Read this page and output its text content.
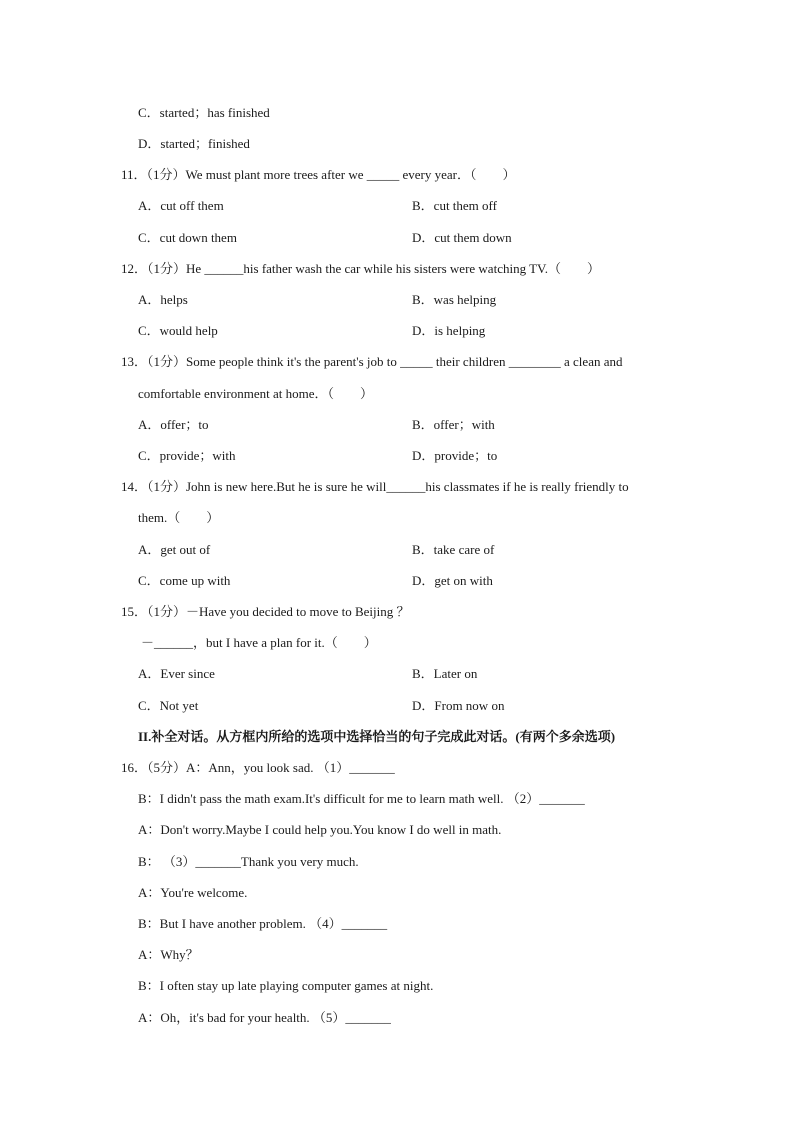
C．started；has finished
D．started；finished
11．（1分）We must plant more trees after we _____ every year．（　　）
A．cut off them	B．cut them off
C．cut down them	D．cut them down
12．（1分）He ______his father wash the car while his sisters were watching TV.（　　）
A．helps	B．was helping
C．would help	D．is helping
13．（1分）Some people think it's the parent's job to _____ their children ________ a clean and
comfortable environment at home．（　　）
A．offer；to	B．offer；with
C．provide；with	D．provide；to
14．（1分）John is new here.But he is sure he will______his classmates if he is really friendly to
them.（　　）
A．get out of	B．take care of
C．come up with	D．get on with
15．（1分）－Have you decided to move to Beijing ？
－______，but I have a plan for it.（　　）
A．Ever since	B．Later on
C．Not yet	D．From now on
II.补全对话。从方框内所给的选项中选择恰当的句子完成此对话。(有两个多余选项)
16．（5分）A：Ann，you look sad. （1）_______
B：I didn't pass the math exam.It's difficult for me to learn math well. （2）_______
A：Don't worry.Maybe I could help you.You know I do well in math.
B： （3）_______Thank you very much.
A：You're welcome.
B：But I have another problem. （4）_______
A：Why？
B：I often stay up late playing computer games at night.
A：Oh，it's bad for your health. （5）_______
